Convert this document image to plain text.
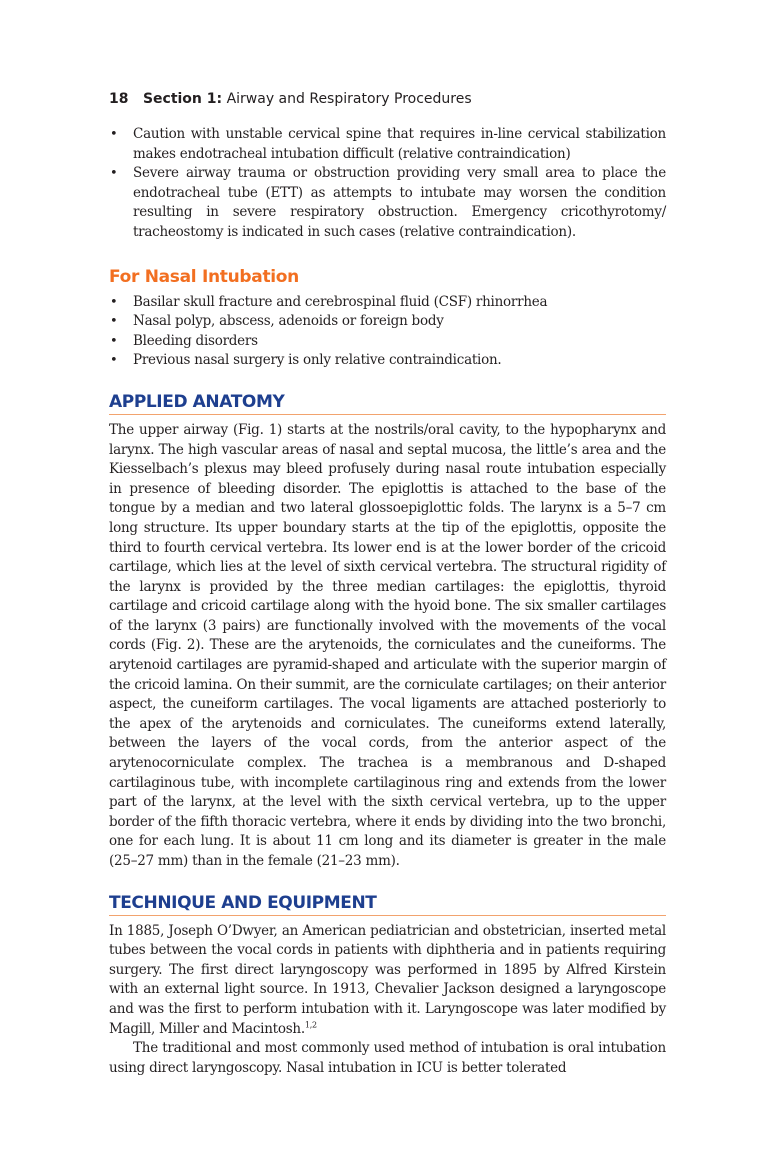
18 Section 1: Airway and Respiratory Procedures
• Caution with unstable cervical spine that requires in-line cervical stabilization makes endotracheal intubation difficult (relative contraindication)
• Severe airway trauma or obstruction providing very small area to place the endotracheal tube (ETT) as attempts to intubate may worsen the condition resulting in severe respiratory obstruction. Emergency cricothyrotomy/ tracheostomy is indicated in such cases (relative contraindication).
For Nasal Intubation
• Basilar skull fracture and cerebrospinal fluid (CSF) rhinorrhea
• Nasal polyp, abscess, adenoids or foreign body
• Bleeding disorders
• Previous nasal surgery is only relative contraindication.
APPLIED ANATOMY

The upper airway (Fig. 1) starts at the nostrils/oral cavity, to the hypopharynx and larynx. The high vascular areas of nasal and septal mucosa, the little’s area and the Kiesselbach’s plexus may bleed profusely during nasal route intubation especially in presence of bleeding disorder. The epiglottis is attached to the base of the tongue by a median and two lateral glossoepiglottic folds. The larynx is a 5–7 cm long structure. Its upper boundary starts at the tip of the epiglottis, opposite the third to fourth cervical vertebra. Its lower end is at the lower border of the cricoid cartilage, which lies at the level of sixth cervical vertebra. The structural rigidity of the larynx is provided by the three median cartilages: the epiglottis, thyroid cartilage and cricoid cartilage along with the hyoid bone. The six smaller cartilages of the larynx (3 pairs) are functionally involved with the movements of the vocal cords (Fig. 2). These are the arytenoids, the corniculates and the cuneiforms. The arytenoid cartilages are pyramid-shaped and articulate with the superior margin of the cricoid lamina. On their summit, are the corniculate cartilages; on their anterior aspect, the cuneiform cartilages. The vocal ligaments are attached posteriorly to the apex of the arytenoids and corniculates. The cuneiforms extend laterally, between the layers of the vocal cords, from the anterior aspect of the arytenocorniculate complex. The trachea is a membranous and D-shaped cartilaginous tube, with incomplete cartilaginous ring and extends from the lower part of the larynx, at the level with the sixth cervical vertebra, up to the upper border of the fifth thoracic vertebra, where it ends by dividing into the two bronchi, one for each lung. It is about 11 cm long and its diameter is greater in the male (25–27 mm) than in the female (21–23 mm).

TECHNIQUE AND EQUIPMENT

In 1885, Joseph O’Dwyer, an American pediatrician and obstetrician, inserted metal tubes between the vocal cords in patients with diphtheria and in patients requiring surgery. The first direct laryngoscopy was performed in 1895 by Alfred Kirstein with an external light source. In 1913, Chevalier Jackson designed a laryngoscope and was the first to perform intubation with it. Laryngoscope was later modified by Magill, Miller and Macintosh.$^{1,2}$

The traditional and most commonly used method of intubation is oral intubation using direct laryngoscopy. Nasal intubation in ICU is better tolerated
